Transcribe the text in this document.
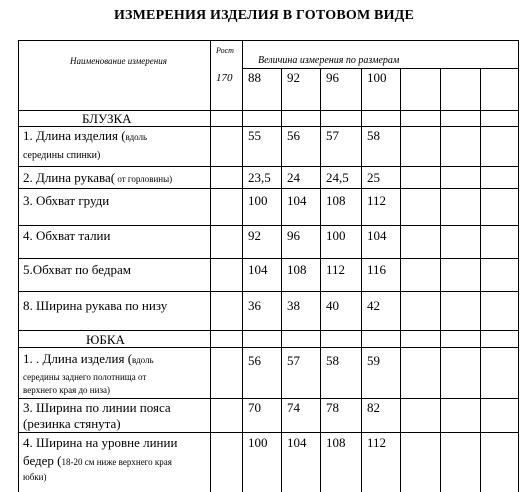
ИЗМЕРЕНИЯ ИЗДЕЛИЯ В ГОТОВОМ ВИДЕ
Наименование измерения
Рост
170
Величина измерения по размерам
88 92 96 100
БЛУЗКА
1. Длина изделия (вдоль
середины спинки)
55 56 57 58
2. Длина рукава( от горловины)	23,5 24 24,5 25
3. Обхват груди	100 104 108 112
4. Обхват талии	92 96 100 104
5.Обхват по бедрам	104 108 112 116
8. Ширина рукава по низу	36 38 40 42
ЮБКА
1. . Длина изделия (вдоль
середины заднего полотнища от
верхнего края до низа)
56 57 58 59
3. Ширина по линии пояса
(резинка стянута)
70 74 78 82
4. Ширина на уровне линии
бедер (18-20 см ниже верхнего края
юбки)
100 104 108 112
